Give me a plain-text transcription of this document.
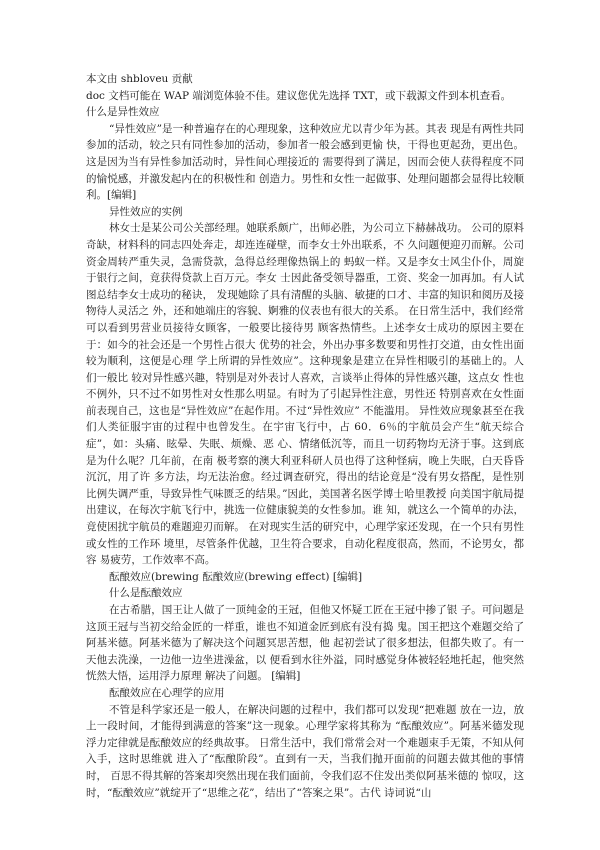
本文由 shbloveu 贡献

doc 文档可能在 WAP 端浏览体验不佳。建议您优先选择 TXT，或下载源文件到本机查看。

什么是异性效应

“异性效应”是一种普遍存在的心理现象，这种效应尤以青少年为甚。其表 现是有两性共同参加的活动，较之只有同性参加的活动，参加者一般会感到更愉 快，干得也更起劲，更出色。这是因为当有异性参加活动时，异性间心理接近的 需要得到了满足，因而会使人获得程度不同的愉悦感，并激发起内在的积极性和 创造力。男性和女性一起做事、处理问题都会显得比较顺利。[编辑]

异性效应的实例

林女士是某公司公关部经理。她联系颇广，出师必胜，为公司立下赫赫战功。 公司的原料奇缺，材料科的同志四处奔走，却连连碰壁，而李女士外出联系，不 久问题便迎刃而解。公司资金周转严重失灵，急需贷款，急得总经理像热锅上的 蚂蚁一样。又是李女士风尘仆仆，周旋于银行之间，竟获得贷款上百万元。李女 士因此备受领导器重，工资、奖金一加再加。有人试图总结李女士成功的秘诀， 发现她除了具有清醒的头脑、敏捷的口才、丰富的知识和阅历及接物待人灵活之 外，还和她端庄的容貌、婀雅的仪表也有很大的关系。 在日常生活中，我们经常可以看到男营业员接待女顾客，一般要比接待男 顾客热情些。上述李女士成功的原因主要在于：如今的社会还是一个男性占很大 优势的社会，外出办事多数要和男性打交道，由女性出面较为顺利，这便是心理 学上所谓的异性效应”。这种现象是建立在异性相吸引的基础上的。人们一般比 较对异性感兴趣，特别是对外表讨人喜欢，言谈举止得体的异性感兴趣，这点女 性也不例外，只不过不如男性对女性那么明显。有时为了引起异性注意，男性还 特别喜欢在女性面前表现自己，这也是“异性效应”在起作用。不过“异性效应” 不能滥用。 异性效应现象甚至在我们人类征服宇宙的过程中也曾发生。在宇宙飞行中，占 60．6％的宇航员会产生“航天综合症”，如：头痛、眩晕、失眠、烦燥、恶 心、情绪低沉等，而且一切药物均无济于事。这到底是为什么呢？几年前，在南 极考察的澳大利亚科研人员也得了这种怪病，晚上失眠，白天昏昏沉沉，用了许 多方法，均无法治愈。经过调查研究，得出的结论竟是“没有男女搭配，是性别 比例失调严重，导致异性气味匮乏的结果。”因此，美国著名医学博士哈里教授 向美国宇航局提出建议，在每次宇航飞行中，挑选一位健康貌美的女性参加。谁 知，就这么一个简单的办法，竟使困扰宇航员的难题迎刃而解。 在对现实生活的研究中，心理学家还发现，在一个只有男性或女性的工作环 境里，尽管条件优越，卫生符合要求，自动化程度很高，然而，不论男女，都容 易疲劳，工作效率不高。

酝酿效应(brewing 酝酿效应(brewing effect) [编辑]

什么是酝酿效应

在古希腊，国王让人做了一顶纯金的王冠，但他又怀疑工匠在王冠中掺了银 子。可问题是这顶王冠与当初交给金匠的一样重，谁也不知道金匠到底有没有捣 鬼。国王把这个难题交给了阿基米德。阿基米德为了解决这个问题冥思苦想，他 起初尝试了很多想法，但都失败了。有一天他去洗澡，一边他一边坐进澡盆，以 便看到水往外溢，同时感觉身体被轻轻地托起，他突然恍然大悟，运用浮力原理 解决了问题。 [编辑]

酝酿效应在心理学的应用

不管是科学家还是一般人，在解决问题的过程中，我们都可以发现“把难题 放在一边，放上一段时间，才能得到满意的答案”这一现象。心理学家将其称为 “酝酿效应”。阿基米德发现浮力定律就是酝酿效应的经典故事。 日常生活中，我们常常会对一个难题束手无策，不知从何入手，这时思维就 进入了“酝酿阶段”。直到有一天，当我们抛开面前的问题去做其他的事情时， 百思不得其解的答案却突然出现在我们面前，令我们忍不住发出类似阿基米德的 惊叹，这时，“酝酿效应”就绽开了“思维之花”，结出了“答案之果”。古代 诗词说“山
